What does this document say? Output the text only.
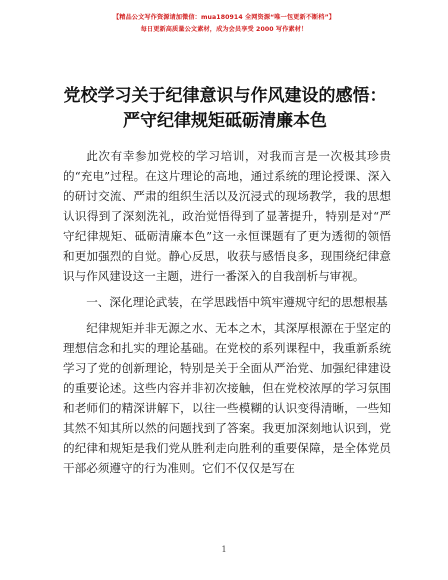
【精品公文写作资源请加微信：mua180914 全网资源“唯一包更新不断档”】
每日更新高质量公文素材，成为会员享受 2000 写作素材！
党校学习关于纪律意识与作风建设的感悟：严守纪律规矩砥砺清廉本色

此次有幸参加党校的学习培训，对我而言是一次极其珍贵的“充电”过程。在这片理论的高地，通过系统的理论授课、深入的研讨交流、严肃的组织生活以及沉浸式的现场教学，我的思想认识得到了深刻洗礼，政治觉悟得到了显著提升，特别是对“严守纪律规矩、砥砺清廉本色”这一永恒课题有了更为透彻的领悟和更加强烈的自觉。静心反思，收获与感悟良多，现围绕纪律意识与作风建设这一主题，进行一番深入的自我剖析与审视。

一、深化理论武装，在学思践悟中筑牢遵规守纪的思想根基

纪律规矩并非无源之水、无本之木，其深厚根源在于坚定的理想信念和扎实的理论基础。在党校的系列课程中，我重新系统学习了党的创新理论，特别是关于全面从严治党、加强纪律建设的重要论述。这些内容并非初次接触，但在党校浓厚的学习氛围和老师们的精深讲解下，以往一些模糊的认识变得清晰，一些知其然不知其所以然的问题找到了答案。我更加深刻地认识到，党的纪律和规矩是我们党从胜利走向胜利的重要保障，是全体党员干部必须遵守的行为准则。它们不仅仅是写在

1
